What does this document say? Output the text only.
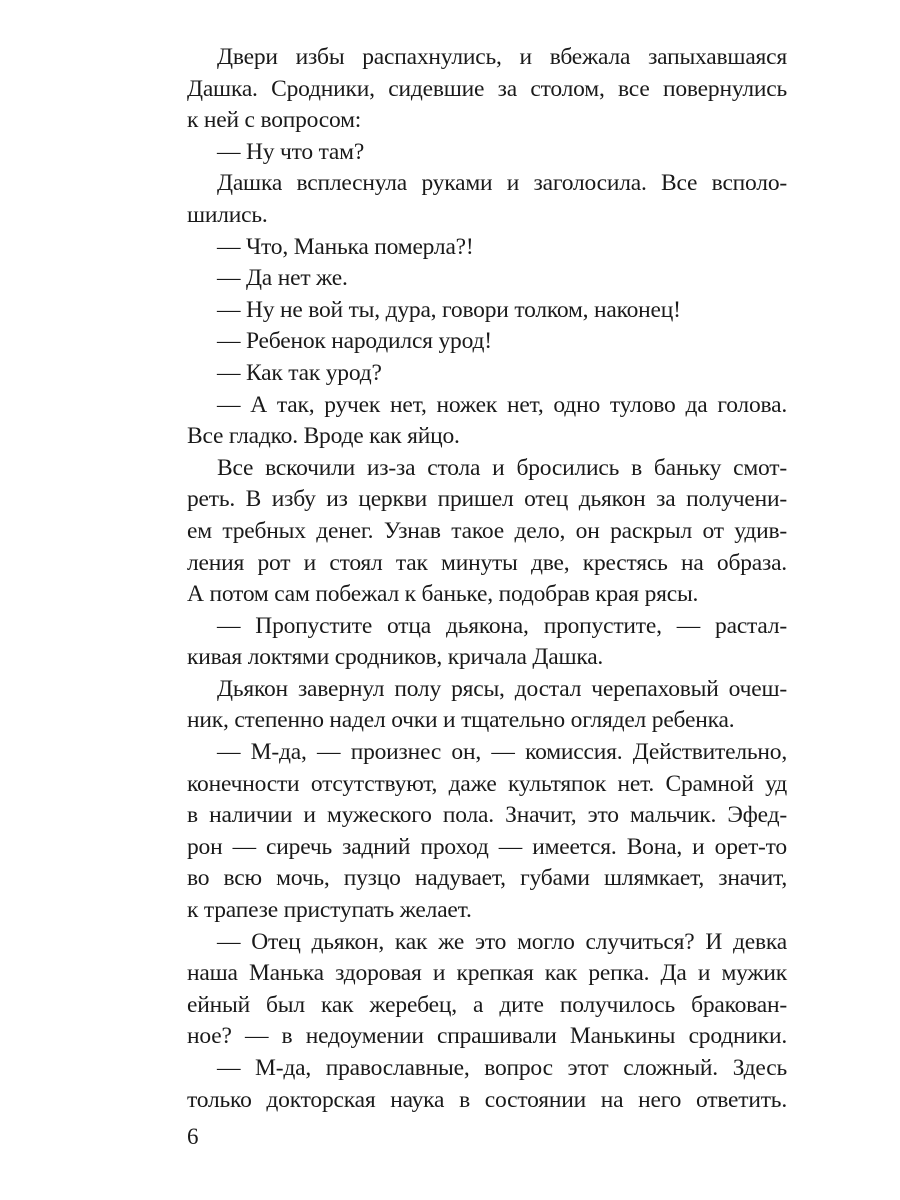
Двери избы распахнулись, и вбежала запыхавшаяся
Дашка. Сродники, сидевшие за столом, все повернулись
к ней с вопросом:
— Ну что там?
Дашка всплеснула руками и заголосила. Все всполо-
шились.
— Что, Манька померла?!
— Да нет же.
— Ну не вой ты, дура, говори толком, наконец!
— Ребенок народился урод!
— Как так урод?
— А так, ручек нет, ножек нет, одно тулово да голова.
Все гладко. Вроде как яйцо.
Все вскочили из-за стола и бросились в баньку смот-
реть. В избу из церкви пришел отец дьякон за получени-
ем требных денег. Узнав такое дело, он раскрыл от удив-
ления рот и стоял так минуты две, крестясь на образа.
А потом сам побежал к баньке, подобрав края рясы.
— Пропустите отца дьякона, пропустите, — растал-
кивая локтями сродников, кричала Дашка.
Дьякон завернул полу рясы, достал черепаховый очеш-
ник, степенно надел очки и тщательно оглядел ребенка.
— М-да, — произнес он, — комиссия. Действительно,
конечности отсутствуют, даже культяпок нет. Срамной уд
в наличии и мужеского пола. Значит, это мальчик. Эфед-
рон — сиречь задний проход — имеется. Вона, и орет-то
во всю мочь, пузцо надувает, губами шлямкает, значит,
к трапезе приступать желает.
— Отец дьякон, как же это могло случиться? И девка
наша Манька здоровая и крепкая как репка. Да и мужик
ейный был как жеребец, а дите получилось бракован-
ное? — в недоумении спрашивали Манькины сродники.
— М-да, православные, вопрос этот сложный. Здесь
только докторская наука в состоянии на него ответить.
6
